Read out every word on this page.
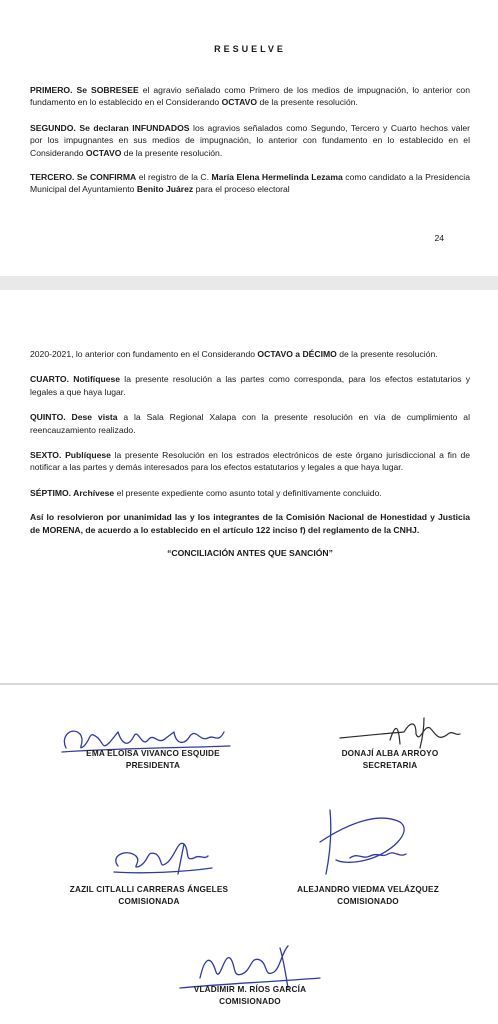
RESUELVE

PRIMERO. Se SOBRESEE el agravio señalado como Primero de los medios de impugnación, lo anterior con fundamento en lo establecido en el Considerando OCTAVO de la presente resolución.

SEGUNDO. Se declaran INFUNDADOS los agravios señalados como Segundo, Tercero y Cuarto hechos valer por los impugnantes en sus medios de impugnación, lo anterior con fundamento en lo establecido en el Considerando OCTAVO de la presente resolución.

TERCERO. Se CONFIRMA el registro de la C. María Elena Hermelinda Lezama como candidato a la Presidencia Municipal del Ayuntamiento Benito Juárez para el proceso electoral

24

2020-2021, lo anterior con fundamento en el Considerando OCTAVO a DÉCIMO de la presente resolución.

CUARTO. Notifíquese la presente resolución a las partes como corresponda, para los efectos estatutarios y legales a que haya lugar.

QUINTO. Dese vista a la Sala Regional Xalapa con la presente resolución en vía de cumplimiento al reencauzamiento realizado.

SEXTO. Publíquese la presente Resolución en los estrados electrónicos de este órgano jurisdiccional a fin de notificar a las partes y demás interesados para los efectos estatutarios y legales a que haya lugar.

SÉPTIMO. Archívese el presente expediente como asunto total y definitivamente concluido.

Así lo resolvieron por unanimidad las y los integrantes de la Comisión Nacional de Honestidad y Justicia de MORENA, de acuerdo a lo establecido en el artículo 122 inciso f) del reglamento de la CNHJ.

“CONCILIACIÓN ANTES QUE SANCIÓN”
EMA ELOÍSA VIVANCO ESQUIDE
PRESIDENTA
DONAJÍ ALBA ARROYO
SECRETARIA
ZAZIL CITLALLI CARRERAS ÁNGELES
COMISIONADA
ALEJANDRO VIEDMA VELÁZQUEZ
COMISIONADO
VLADIMIR M. RÍOS GARCÍA
COMISIONADO
